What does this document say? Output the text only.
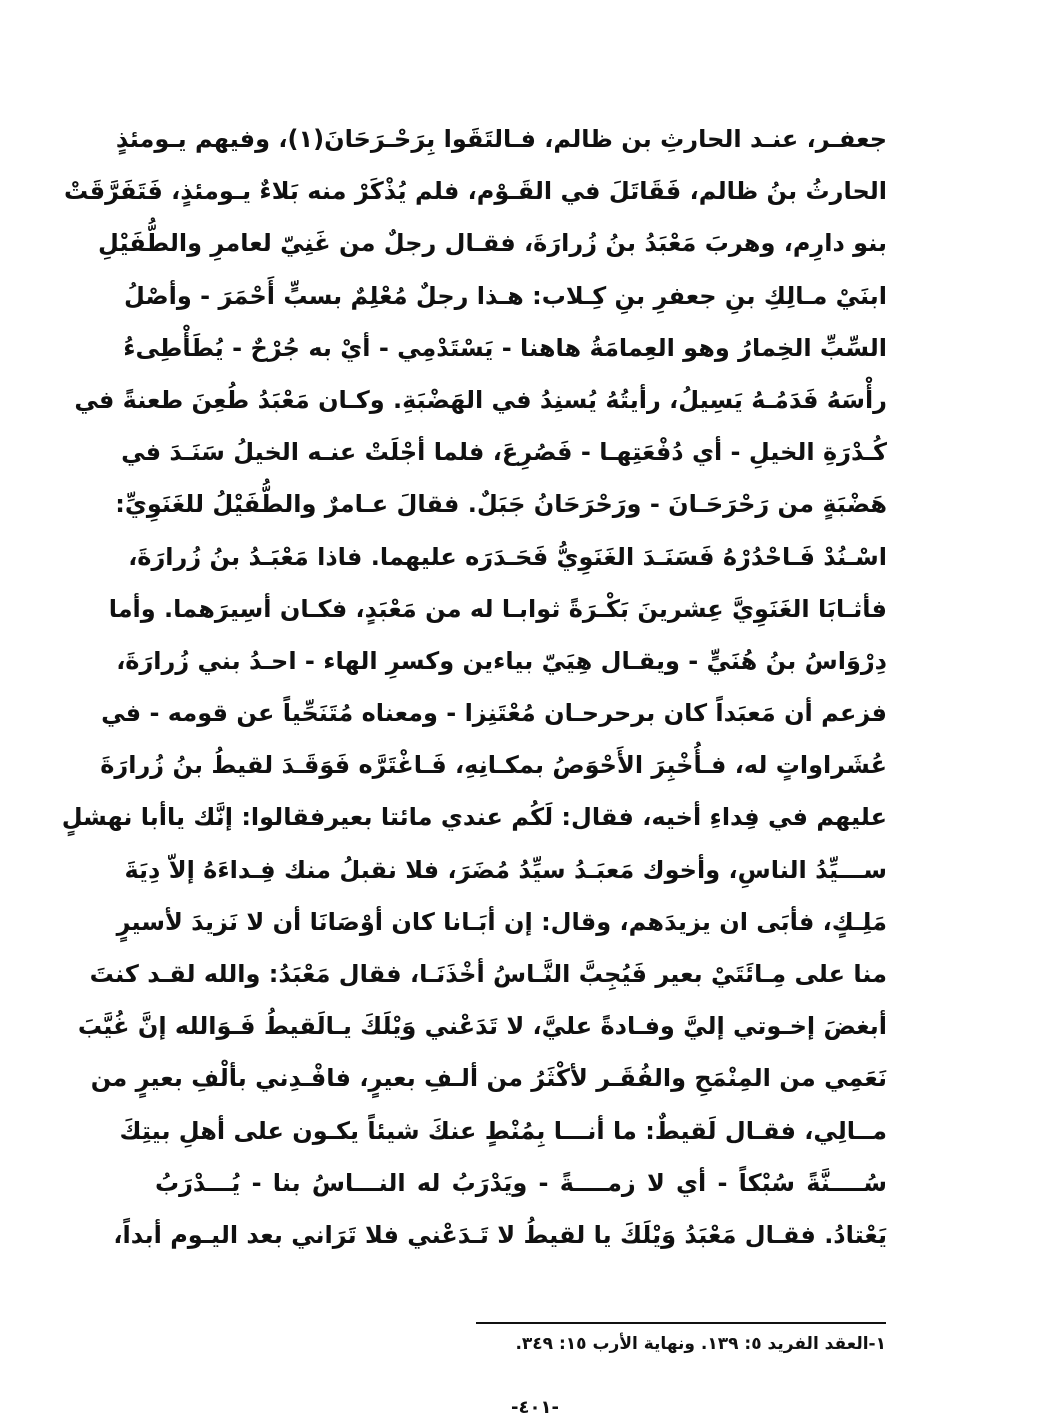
جعفـر، عنـد الحارثِ بن ظالم، فـالتَقَوا بِرَحْـرَحَانَ(١)، وفيهم يـومئذٍ
الحارثُ بنُ ظالم، فَقَاتَلَ في القَـوْم، فلم يُذْكَرْ منه بَلاءٌ يـومئذٍ، فَتَفَرَّقَتْ
بنو دارِم، وهربَ مَعْبَدُ بنُ زُرارَةَ، فقـال رجلٌ من غَنِيّ لعامرِ والطُّفَيْلِ
ابنَيْ مـالِكِ بنِ جعفرِ بنِ كِـلاب: هـذا رجلٌ مُعْلِمٌ بسبٍّ أَحْمَرَ - وأصْلُ
السِّبِّ الخِمارُ وهو العِمامَةُ هاهنا - يَسْتَدْمِي - أيْ به جُرْحٌ - يُطَأْطِىءُ
رأْسَهُ فَدَمُـهُ يَسِيلُ، رأيتُهُ يُسنِدُ في الهَضْبَةِ. وكـان مَعْبَدُ طُعِنَ طعنةً في
كُـدْرَةِ الخيلِ - أي دُفْعَتِهـا - فَصُرِعَ، فلما أجْلَتْ عنـه الخيلُ سَنَـدَ في
هَضْبَةٍ من رَحْرَحَـانَ - ورَحْرَحَانُ جَبَلٌ. فقالَ عـامرٌ والطُّفَيْلُ للغَنَوِيِّ:
اسْـنُدْ فَـاحْدُرْهُ فَسَنَـدَ الغَنَوِيُّ فَحَـدَرَه عليهما. فاذا مَعْبَـدُ بنُ زُرارَةَ،
فأثـابَا الغَنَوِيَّ عِشرينَ بَكْـرَةً ثوابـا له من مَعْبَدٍ، فكـان أسِيرَهما. وأما
دِرْوَاسُ بنُ هُنَيٍّ - ويقـال هِيَيّ بياءين وكسرِ الهاء - احـدُ بني زُرارَةَ،
فزعم أن مَعبَداً كان برحرحـان مُعْتَنِزا - ومعناه مُتَنَحِّياً عن قومه - في
عُشَراواتٍ له، فـأُخْبِرَ الأَحْوَصُ بمكـانِهِ، فَـاغْتَرَّه فَوَقَـدَ لقيطُ بنُ زُرارَةَ
عليهم في فِداءِ أخيه، فقال: لَكُم عندي مائتا بعيرفقالوا: إنَّك ياأبا نهشلٍ
ســـيِّدُ الناسِ، وأخوك مَعبَـدُ سيِّدُ مُضَرَ، فلا نقبلُ منك فِـداءَهُ إلاّ دِيَةَ
مَلِـكٍ، فأبَى ان يزيدَهم، وقال: إن أبَـانا كان أوْصَانَا أن لا نَزيدَ لأسيرٍ
منا على مِـائَتَيْ بعير فَيُجِبَّ النَّـاسُ أخْذَنَـا، فقال مَعْبَدُ: والله لقـد كنتَ
أبغضَ إخـوتي إليَّ وفـادةً عليَّ، لا تَدَعْني وَيْلَكَ يـالَقيطُ فَـوَالله إنَّ غُيَّبَ
نَعَمِي من المِنْمَحِ والفُقَـر لأكْثَرُ من ألـفِ بعيرٍ، فافْـدِني بألْفِ بعيرٍ من
مــالِي، فقـال لَقيطٌ: ما أنـــا بِمُنْطٍ عنكَ شيئاً يكـون على أهلِ بيتِكَ
سُــــنَّةً سُبْكاً - أي لا زمــــةً - ويَدْرَبُ له النـــاسُ بنا - يُـــدْرَبُ
يَعْتادُ. فقـال مَعْبَدُ وَيْلَكَ يا لقيطُ لا تَـدَعْني فلا تَرَاني بعد اليـوم أبداً،
١-العقد الفريد ٥: ١٣٩. ونهاية الأرب ١٥: ٣٤٩.
-٤٠١-
